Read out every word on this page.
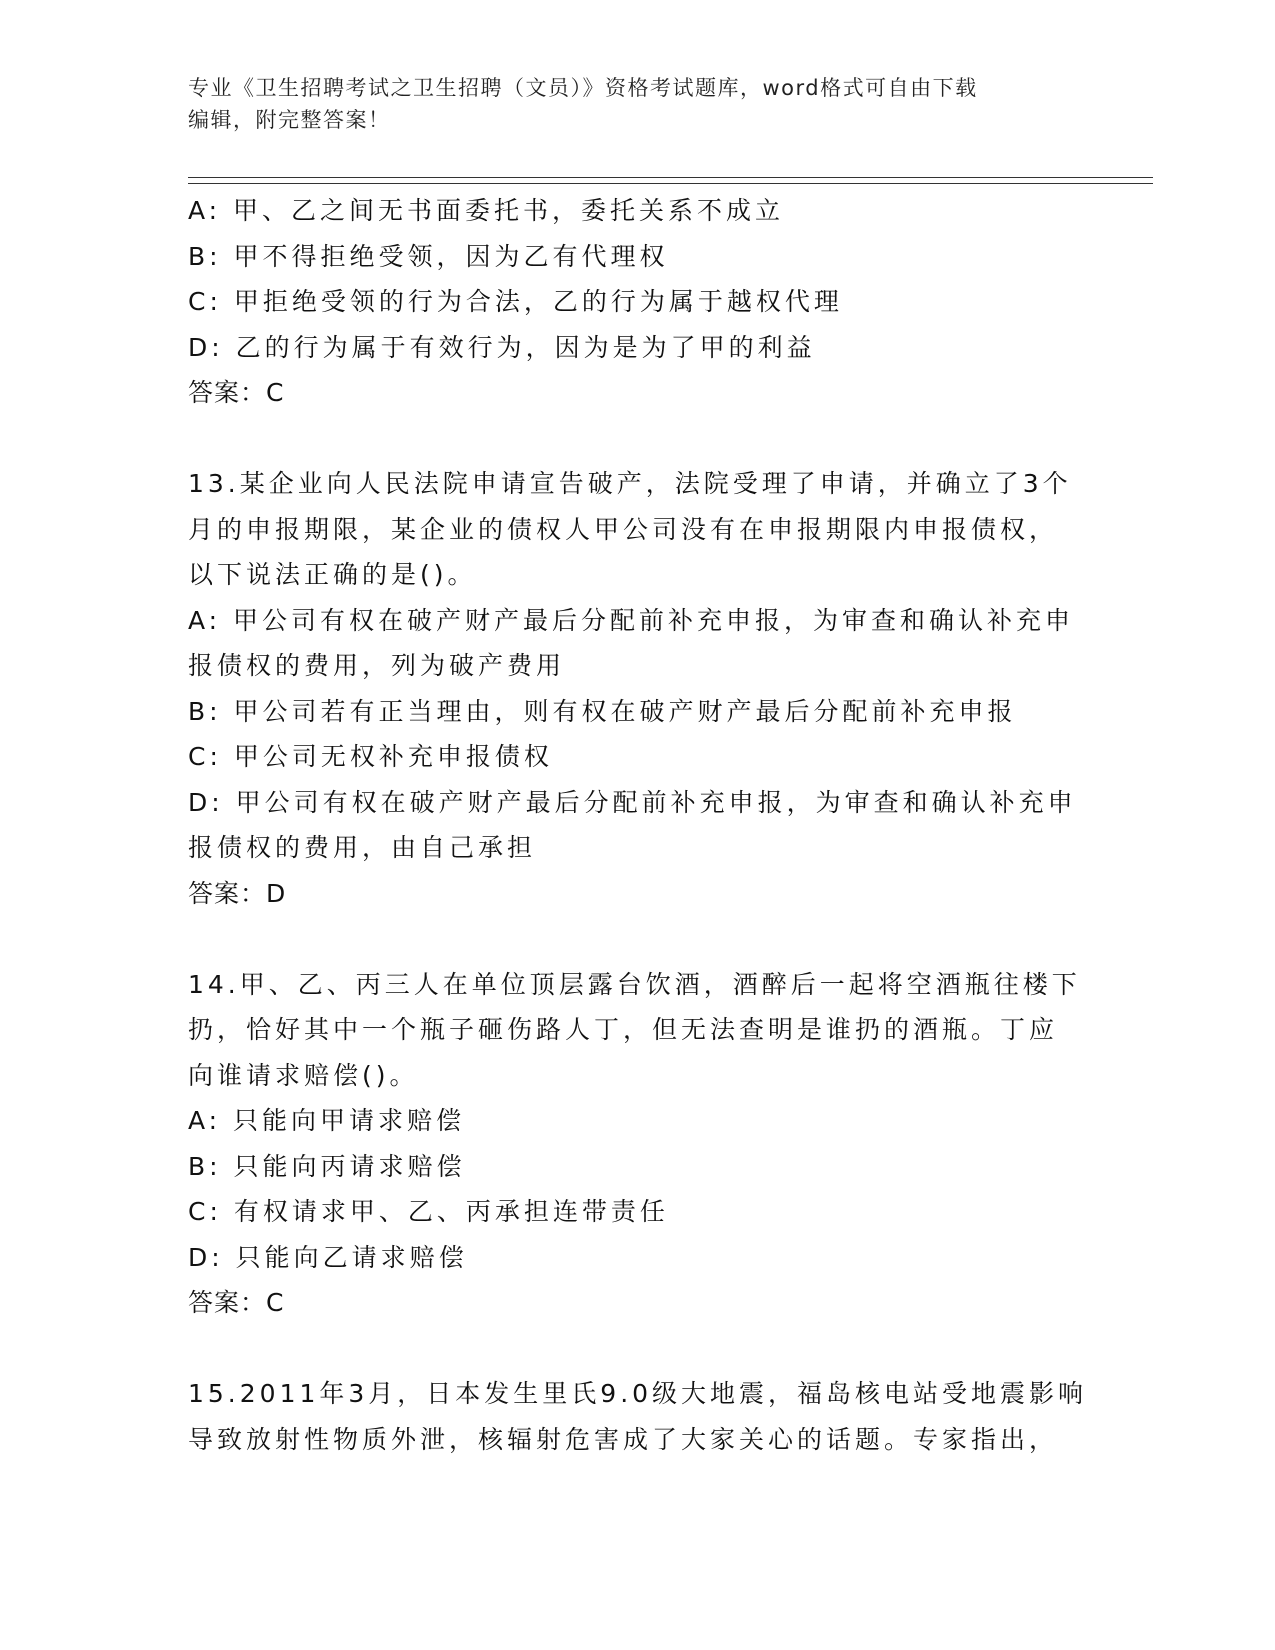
专业《卫生招聘考试之卫生招聘（文员）》资格考试题库，word格式可自由下载
编辑，附完整答案！
A: 甲、乙之间无书面委托书，委托关系不成立
B: 甲不得拒绝受领，因为乙有代理权
C: 甲拒绝受领的行为合法，乙的行为属于越权代理
D: 乙的行为属于有效行为，因为是为了甲的利益
答案：C
13.某企业向人民法院申请宣告破产，法院受理了申请，并确立了3个
月的申报期限，某企业的债权人甲公司没有在申报期限内申报债权，
以下说法正确的是()。
A: 甲公司有权在破产财产最后分配前补充申报，为审查和确认补充申
报债权的费用，列为破产费用
B: 甲公司若有正当理由，则有权在破产财产最后分配前补充申报
C: 甲公司无权补充申报债权
D: 甲公司有权在破产财产最后分配前补充申报，为审查和确认补充申
报债权的费用，由自己承担
答案：D
14.甲、乙、丙三人在单位顶层露台饮酒，酒醉后一起将空酒瓶往楼下
扔，恰好其中一个瓶子砸伤路人丁，但无法查明是谁扔的酒瓶。丁应
向谁请求赔偿()。
A: 只能向甲请求赔偿
B: 只能向丙请求赔偿
C: 有权请求甲、乙、丙承担连带责任
D: 只能向乙请求赔偿
答案：C
15.2011年3月，日本发生里氏9.0级大地震，福岛核电站受地震影响
导致放射性物质外泄，核辐射危害成了大家关心的话题。专家指出，
